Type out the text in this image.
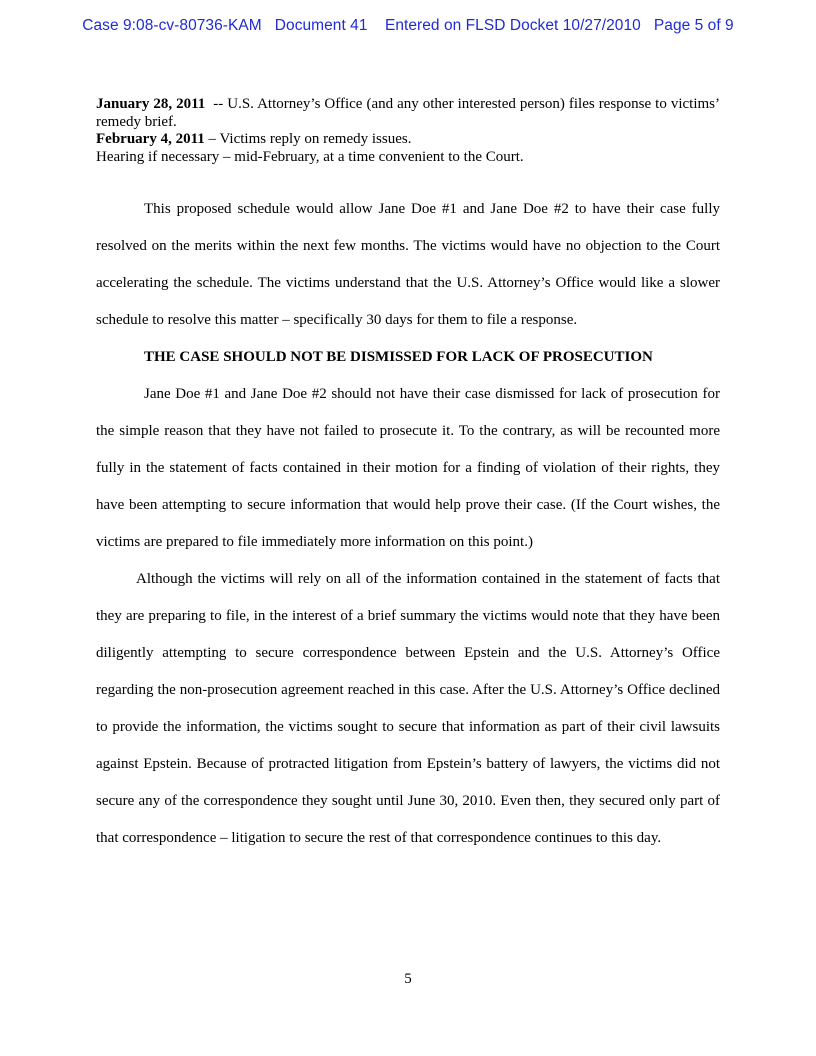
Case 9:08-cv-80736-KAM Document 41 Entered on FLSD Docket 10/27/2010 Page 5 of 9

January 28, 2011  -- U.S. Attorney’s Office (and any other interested person) files response to victims’ remedy brief.

February 4, 2011 – Victims reply on remedy issues.

Hearing if necessary – mid-February, at a time convenient to the Court.

This proposed schedule would allow Jane Doe #1 and Jane Doe #2 to have their case fully resolved on the merits within the next few months. The victims would have no objection to the Court accelerating the schedule. The victims understand that the U.S. Attorney’s Office would like a slower schedule to resolve this matter – specifically 30 days for them to file a response.

THE CASE SHOULD NOT BE DISMISSED FOR LACK OF PROSECUTION

Jane Doe #1 and Jane Doe #2 should not have their case dismissed for lack of prosecution for the simple reason that they have not failed to prosecute it. To the contrary, as will be recounted more fully in the statement of facts contained in their motion for a finding of violation of their rights, they have been attempting to secure information that would help prove their case. (If the Court wishes, the victims are prepared to file immediately more information on this point.)

Although the victims will rely on all of the information contained in the statement of facts that they are preparing to file, in the interest of a brief summary the victims would note that they have been diligently attempting to secure correspondence between Epstein and the U.S. Attorney’s Office regarding the non-prosecution agreement reached in this case. After the U.S. Attorney’s Office declined to provide the information, the victims sought to secure that information as part of their civil lawsuits against Epstein. Because of protracted litigation from Epstein’s battery of lawyers, the victims did not secure any of the correspondence they sought until June 30, 2010. Even then, they secured only part of that correspondence – litigation to secure the rest of that correspondence continues to this day.

5
